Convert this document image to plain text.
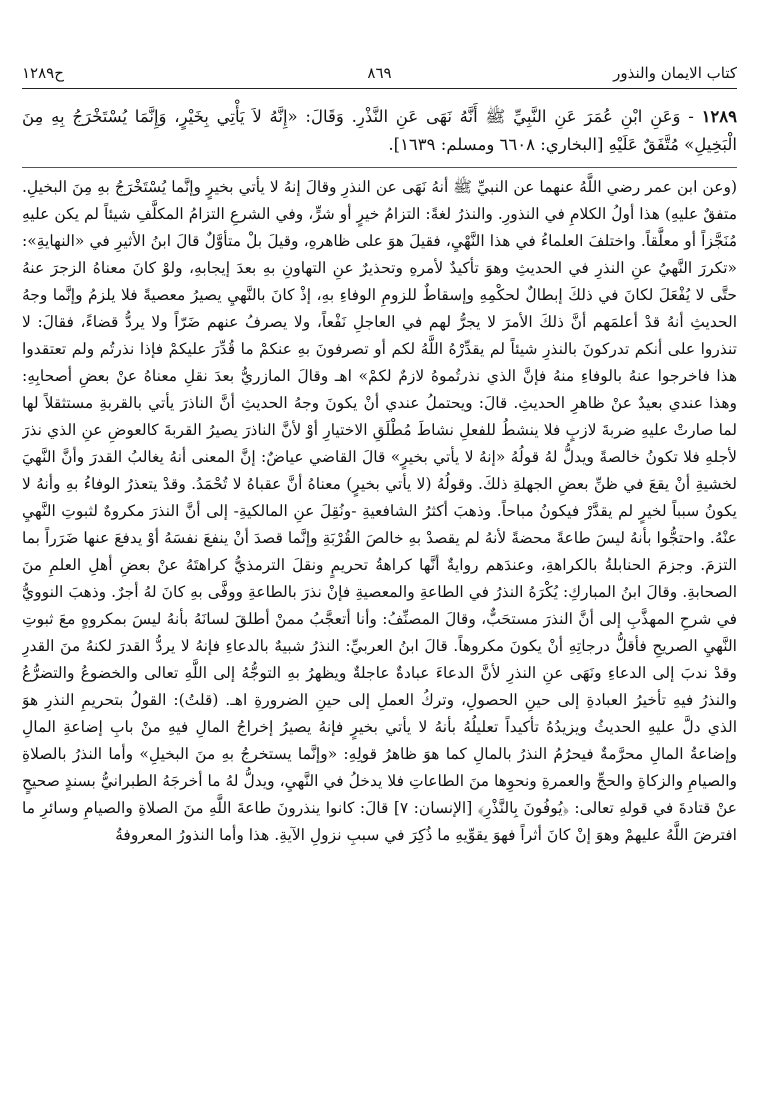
كتاب الايمان والنذور
٨٦٩
ح١٢٨٩
١٢٨٩ - وَعَنِ ابْنِ عُمَرَ عَنِ النَّبِيِّ ﷺ أَنَّهُ نَهَى عَنِ النَّذْرِ. وَقَالَ: «إِنَّهُ لاَ يَأْتِي بِخَيْرٍ، وَإِنَّمَا يُسْتَخْرَجُ بِهِ مِنَ الْبَخِيلِ» مُتَّفَقٌ عَلَيْهِ [البخاري: ٦٦٠٨ ومسلم: ١٦٣٩].
(وعن ابن عمر رضي اللَّهُ عنهما عن النبيِّ ﷺ أنهُ نَهَى عن النذرِ وقالَ إنهُ لا يأتي بخيرٍ وإنَّما يُسْتَخْرَجُ بهِ مِنَ البخيلِ. متفقٌ عليهِ) هذا أولُ الكلامِ في النذورِ. والنذرُ لغةً: التزامُ خيرٍ أو شرٍّ، وفي الشرعِ التزامُ المكلَّفِ شيئاً لم يكن عليهِ مُنَجَّزاً أو معلَّقاً. واختلفَ العلماءُ في هذا النَّهْيِ، فقيلَ هوَ على ظاهرهِ، وقيلَ بلْ متأوَّلٌ قالَ ابنُ الأثيرِ في «النهايةِ»: «تكررَ النَّهيُ عنِ النذرِ في الحديثِ وهوَ تأكيدٌ لأمرهِ وتحذيرٌ عنِ التهاونِ بهِ بعدَ إيجابهِ، ولوْ كانَ معناهُ الزجرَ عنهُ حتَّى لا يُفْعَلَ لكانَ في ذلكَ إبطالٌ لحكْمِهِ وإسقاطٌ للزومِ الوفاءِ بهِ، إذْ كانَ بالنَّهيِ يصيرُ معصيةً فلا يلزمُ وإنَّما وجهُ الحديثِ أنهُ قدْ أعلمَهم أنَّ ذلكَ الأمرَ لا يجرُّ لهم في العاجلِ نَفْعاً، ولا يصرفُ عنهم ضَرّاً ولا يردُّ قضاءً، فقالَ: لا تنذروا على أنكم تدركونَ بالنذرِ شيئاً لم يقدِّرْهُ اللَّهُ لكم أو تصرفونَ بهِ عنكمْ ما قُدِّرَ عليكمْ فإذا نذرتُم ولم تعتقدوا هذا فاخرجوا عنهُ بالوفاءِ منهُ فإنَّ الذي نذرتُموهُ لازمٌ لكمْ» اهـ وقالَ المازريُّ بعدَ نقلِ معناهُ عنْ بعضِ أصحابِهِ: وهذا عندي بعيدٌ عنْ ظاهرِ الحديثِ. قالَ: ويحتملُ عندي أنْ يكونَ وجهُ الحديثِ أنَّ الناذرَ يأتي بالقربةِ مستثقلاً لها لما صارتْ عليهِ ضربةَ لازبٍ فلا ينشطُ للفعلِ نشاطَ مُطْلَقِ الاختيارِ أوْ لأنَّ الناذرَ يصيرُ القربةَ كالعوضِ عنِ الذي نذرَ لأجلهِ فلا تكونُ خالصةً ويدلُّ لهُ قولُهُ «إنهُ لا يأتي بخيرٍ» قالَ القاضي عياضٌ: إنَّ المعنى أنهُ يغالبُ القدرَ وأنَّ النَّهيَ لخشيةِ أنْ يقعَ في ظنِّ بعضِ الجهلةِ ذلكَ. وقولُهُ (لا يأتي بخيرٍ) معناهُ أنَّ عقباهُ لا تُحْمَدُ. وقدْ يتعذرُ الوفاءُ بهِ وأنهُ لا يكونُ سبباً لخيرٍ لم يقدَّرْ فيكونُ مباحاً. وذهبَ أكثرُ الشافعيةِ -ونُقِلَ عنِ المالكيةِ- إلى أنَّ النذرَ مكروهٌ لثبوتِ النَّهيِ عنْهُ. واحتجُّوا بأنهُ ليسَ طاعةً محضةً لأنهُ لم يقصدْ بهِ خالصَ القُرْبَةِ وإنَّما قصدَ أنْ ينفعَ نفسَهُ أوْ يدفعَ عنها ضَرَراً بما التزمَ. وجزمَ الحنابلةُ بالكراهةِ، وعندَهم روايةٌ أنَّها كراهةُ تحريمٍ ونقلَ الترمذيُّ كراهتَهُ عنْ بعضِ أهلِ العلمِ منَ الصحابةِ. وقالَ ابنُ المباركِ: يُكْرَهُ النذرُ في الطاعةِ والمعصيةِ فإنْ نذرَ بالطاعةِ ووفَّى بهِ كانَ لهُ أجرٌ. وذهبَ النوويُّ في شرحِ المهذَّبِ إلى أنَّ النذرَ مستحَبٌّ، وقالَ المصنِّفُ: وأنا أتعجَّبُ ممنْ أطلقَ لسانَهُ بأنهُ ليسَ بمكروهٍ معَ ثبوتِ النَّهيِ الصريحِ فأقلُّ درجاتِهِ أنْ يكونَ مكروهاً. قالَ ابنُ العربيِّ: النذرُ شبيهٌ بالدعاءِ فإنهُ لا يردُّ القدرَ لكنهُ منَ القدرِ وقدْ ندبَ إلى الدعاءِ ونَهَى عنِ النذرِ لأنَّ الدعاءَ عبادةٌ عاجلةٌ ويظهرُ بهِ التوجُّهُ إلى اللَّهِ تعالى والخضوعُ والتضرُّعُ والنذرُ فيهِ تأخيرُ العبادةِ إلى حينِ الحصولِ، وتركُ العملِ إلى حينِ الضرورةِ اهـ. (قلتُ): القولُ بتحريمِ النذرِ هوَ الذي دلَّ عليهِ الحديثُ ويزيدُهُ تأكيداً تعليلُهُ بأنهُ لا يأتي بخيرٍ فإنهُ يصيرُ إخراجُ المالِ فيهِ منْ بابِ إضاعةِ المالِ وإضاعةُ المالِ محرَّمةٌ فيحرُمُ النذرُ بالمالِ كما هوَ ظاهرُ قولِهِ: «وإنَّما يستخرجُ بهِ منَ البخيلِ» وأما النذرُ بالصلاةِ والصيامِ والزكاةِ والحجِّ والعمرةِ ونحوِها منَ الطاعاتِ فلا يدخلُ في النَّهيِ، ويدلُّ لهُ ما أخرجَهُ الطبرانيُّ بسندٍ صحيحٍ عنْ قتادةَ في قولهِ تعالى: ﴿يُوفُونَ بِالنَّذْرِ﴾ [الإنسان: ٧] قالَ: كانوا ينذرونَ طاعةَ اللَّهِ منَ الصلاةِ والصيامِ وسائرِ ما افترضَ اللَّهُ عليهمْ وهوَ إنْ كانَ أثراً فهوَ يقوِّيهِ ما ذُكِرَ في سببِ نزولِ الآيةِ. هذا وأما النذورُ المعروفةُ
